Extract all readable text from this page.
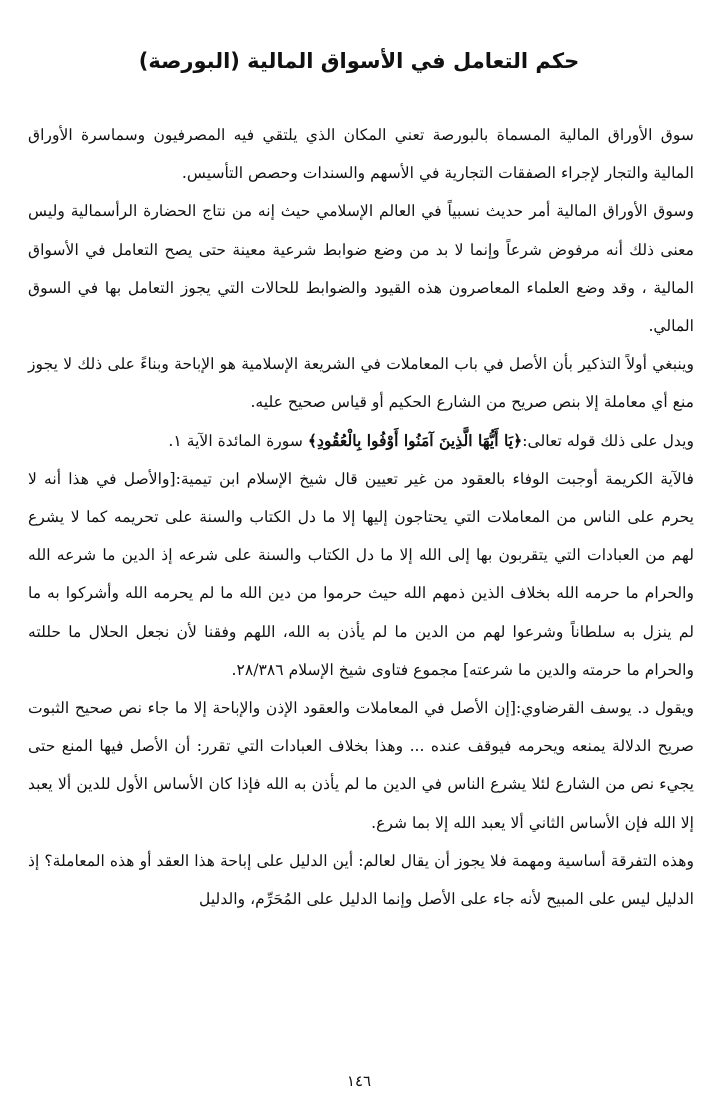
حكم التعامل في الأسواق المالية (البورصة)

سوق الأوراق المالية المسماة بالبورصة تعني المكان الذي يلتقي فيه المصرفيون وسماسرة الأوراق المالية والتجار لإجراء الصفقات التجارية في الأسهم والسندات وحصص التأسيس.

وسوق الأوراق المالية أمر حديث نسبياً في العالم الإسلامي حيث إنه من نتاج الحضارة الرأسمالية وليس معنى ذلك أنه مرفوض شرعاً وإنما لا بد من وضع ضوابط شرعية معينة حتى يصح التعامل في الأسواق المالية ، وقد وضع العلماء المعاصرون هذه القيود والضوابط للحالات التي يجوز التعامل بها في السوق المالي.

وينبغي أولاً التذكير بأن الأصل في باب المعاملات في الشريعة الإسلامية هو الإباحة وبناءً على ذلك لا يجوز منع أي معاملة إلا بنص صريح من الشارع الحكيم أو قياس صحيح عليه.

ويدل على ذلك قوله تعالى:﴿يَا أَيُّهَا الَّذِينَ آمَنُوا أَوْفُوا بِالْعُقُودِ﴾ سورة المائدة الآية ١.

فالآية الكريمة أوجبت الوفاء بالعقود من غير تعيين قال شيخ الإسلام ابن تيمية:[والأصل في هذا أنه لا يحرم على الناس من المعاملات التي يحتاجون إليها إلا ما دل الكتاب والسنة على تحريمه كما لا يشرع لهم من العبادات التي يتقربون بها إلى الله إلا ما دل الكتاب والسنة على شرعه إذ الدين ما شرعه الله والحرام ما حرمه الله بخلاف الذين ذمهم الله حيث حرموا من دين الله ما لم يحرمه الله وأشركوا به ما لم ينزل به سلطاناً وشرعوا لهم من الدين ما لم يأذن به الله، اللهم وفقنا لأن نجعل الحلال ما حللته والحرام ما حرمته والدين ما شرعته] مجموع فتاوى شيخ الإسلام ٢٨/٣٨٦.

ويقول د. يوسف القرضاوي:[إن الأصل في المعاملات والعقود الإذن والإباحة إلا ما جاء نص صحيح الثبوت صريح الدلالة يمنعه ويحرمه فيوقف عنده ... وهذا بخلاف العبادات التي تقرر: أن الأصل فيها المنع حتى يجيء نص من الشارع لئلا يشرع الناس في الدين ما لم يأذن به الله فإذا كان الأساس الأول للدين ألا يعبد إلا الله فإن الأساس الثاني ألا يعبد الله إلا بما شرع.

وهذه التفرقة أساسية ومهمة فلا يجوز أن يقال لعالم: أين الدليل على إباحة هذا العقد أو هذه المعاملة؟ إذ الدليل ليس على المبيح لأنه جاء على الأصل وإنما الدليل على المُحَرِّم، والدليل

١٤٦
